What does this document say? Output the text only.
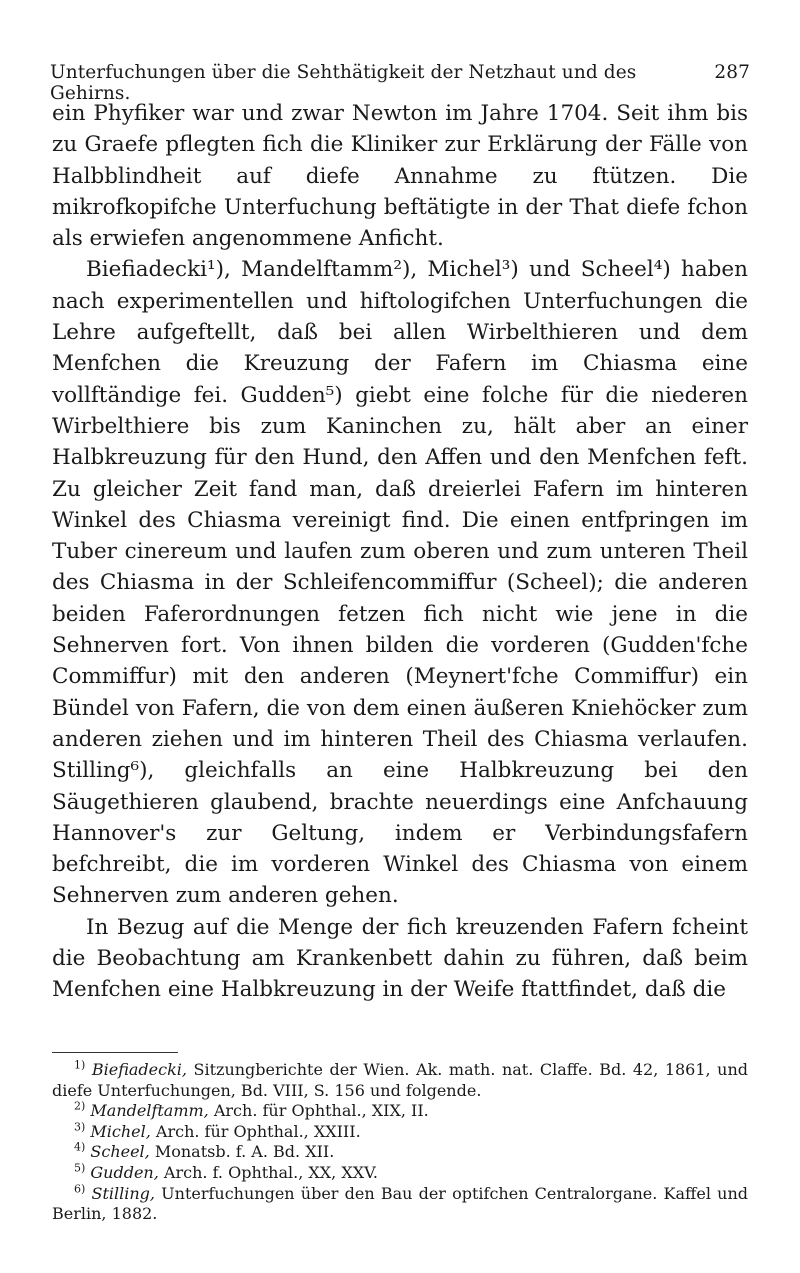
Unterfuchungen über die Sehthätigkeit der Netzhaut und des Gehirns.
287

ein Phyfiker war und zwar Newton im Jahre 1704. Seit ihm bis zu Graefe pflegten fich die Kliniker zur Erklärung der Fälle von Halbblindheit auf diefe Annahme zu ftützen. Die mikrofkopifche Unterfuchung beftätigte in der That diefe fchon als erwiefen angenommene Anficht.

Biefiadecki¹), Mandelftamm²), Michel³) und Scheel⁴) haben nach experimentellen und hiftologifchen Unterfuchungen die Lehre aufgeftellt, daß bei allen Wirbelthieren und dem Menfchen die Kreuzung der Fafern im Chiasma eine vollftändige fei. Gudden⁵) giebt eine folche für die niederen Wirbelthiere bis zum Kaninchen zu, hält aber an einer Halbkreuzung für den Hund, den Affen und den Menfchen feft. Zu gleicher Zeit fand man, daß dreierlei Fafern im hinteren Winkel des Chiasma vereinigt find. Die einen entfpringen im Tuber cinereum und laufen zum oberen und zum unteren Theil des Chiasma in der Schleifencommiffur (Scheel); die anderen beiden Faferordnungen fetzen fich nicht wie jene in die Sehnerven fort. Von ihnen bilden die vorderen (Gudden'fche Commiffur) mit den anderen (Meynert'fche Commiffur) ein Bündel von Fafern, die von dem einen äußeren Kniehöcker zum anderen ziehen und im hinteren Theil des Chiasma verlaufen. Stilling⁶), gleichfalls an eine Halbkreuzung bei den Säugethieren glaubend, brachte neuerdings eine Anfchauung Hannover's zur Geltung, indem er Verbindungsfafern befchreibt, die im vorderen Winkel des Chiasma von einem Sehnerven zum anderen gehen.

In Bezug auf die Menge der fich kreuzenden Fafern fcheint die Beobachtung am Krankenbett dahin zu führen, daß beim Menfchen eine Halbkreuzung in der Weife ftattfindet, daß die

$^{1)}$ Biefiadecki, Sitzungberichte der Wien. Ak. math. nat. Claffe. Bd. 42, 1861, und diefe Unterfuchungen, Bd. VIII, S. 156 und folgende.

$^{2)}$ Mandelftamm, Arch. für Ophthal., XIX, II.

$^{3)}$ Michel, Arch. für Ophthal., XXIII.

$^{4)}$ Scheel, Monatsb. f. A. Bd. XII.

$^{5)}$ Gudden, Arch. f. Ophthal., XX, XXV.

$^{6)}$ Stilling, Unterfuchungen über den Bau der optifchen Centralorgane. Kaffel und Berlin, 1882.
